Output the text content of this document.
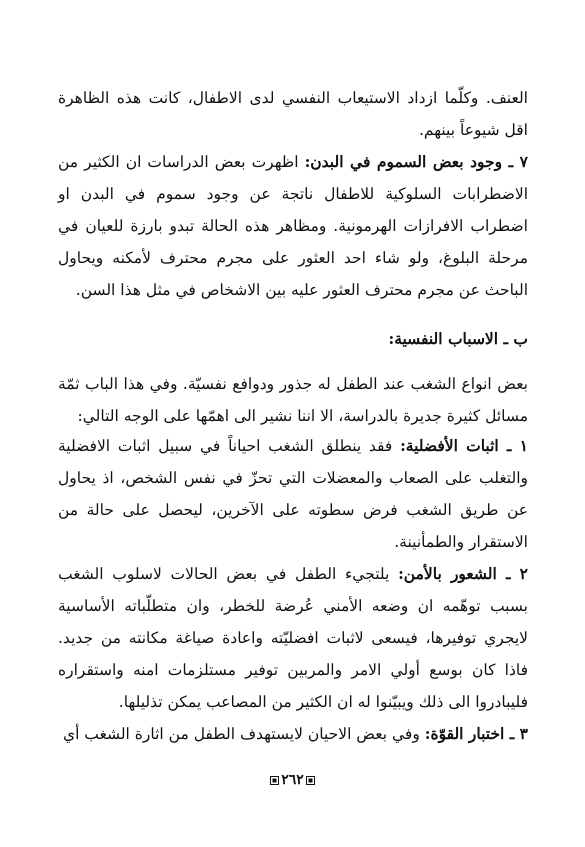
العنف. وكلّما ازداد الاستيعاب النفسي لدى الاطفال، كانت هذه الظاهرة اقل شيوعاً بينهم.

٧ ـ وجود بعض السموم في البدن: اظهرت بعض الدراسات ان الكثير من الاضطرابات السلوكية للاطفال ناتجة عن وجود سموم في البدن او اضطراب الافرازات الهرمونية. ومظاهر هذه الحالة تبدو بارزة للعيان في مرحلة البلوغ، ولو شاء احد العثور على مجرم محترف لأمكنه ويحاول الباحث عن مجرم محترف العثور عليه بين الاشخاص في مثل هذا السن.

ب ـ الاسباب النفسية:

بعض انواع الشغب عند الطفل له جذور ودوافع نفسيّة. وفي هذا الباب ثمّة مسائل كثيرة جديرة بالدراسة، الا اننا نشير الى اهمّها على الوجه التالي:

١ ـ اثبات الأفضلية: فقد ينطلق الشغب احياناً في سبيل اثبات الافضلية والتغلب على الصعاب والمعضلات التي تحزّ في نفس الشخص، اذ يحاول عن طريق الشغب فرض سطوته على الآخرين، ليحصل على حالة من الاستقرار والطمأنينة.

٢ ـ الشعور بالأمن: يلتجيء الطفل في بعض الحالات لاسلوب الشغب بسبب توهّمه ان وضعه الأمني عُرضة للخطر، وان متطلّباته الأساسية لايجري توفيرها، فيسعى لاثبات افضليّته واعادة صياغة مكانته من جديد. فاذا كان بوسع أولي الامر والمربين توفير مستلزمات امنه واستقراره فليبادروا الى ذلك ويبيّنوا له ان الكثير من المصاعب يمكن تذليلها.

٣ ـ اختبار القوّة: وفي بعض الاحيان لايستهدف الطفل من اثارة الشغب أي

٢٦٢
